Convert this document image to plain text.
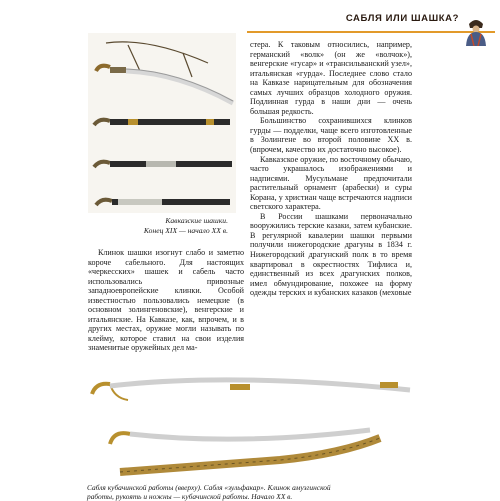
САБЛЯ ИЛИ ШАШКА?
Кавказские шашки.
Конец XIX — начало XX в.

стера. К таковым относились, например, германский «волк» (он же «волчок»), венгерские «гусар» и «трансильванский узел», итальянская «гурда». Последнее слово стало на Кавказе нарицательным для обозначения самых лучших образцов холодного оружия. Подлинная гурда в наши дни — очень большая редкость.

Большинство сохранившихся клинков гурды — подделки, чаще всего изготовленные в Золингене во второй половине XX в. (впрочем, качество их достаточно высокое).

Кавказское оружие, по восточному обычаю, часто украшалось изображениями и надписями. Мусульмане предпочитали растительный орнамент (арабески) и суры Корана, у христиан чаще встречаются надписи светского характера.

В России шашками первоначально вооружились терские казаки, затем кубанские. В регулярной кавалерии шашки первыми получили нижегородские драгуны в 1834 г. Нижегородский драгунский полк в то время квартировал в окрестностях Тифлиса и, единственный из всех драгунских полков, имел обмундирование, похожее на форму одежды терских и кубанских казаков (меховые

Клинок шашки изогнут слабо и заметно короче сабельного. Для настоящих «черкесских» шашек и сабель часто использовались привозные западноевропейские клинки. Особой известностью пользовались немецкие (в основном золингеновские), венгерские и итальянские. На Кавказе, как, впрочем, и в других местах, оружие могли называть по клейму, которое ставил на свои изделия знаменитые оружейных дел ма-

Сабля кубачинской работы (вверху). Сабля «зульфакар». Клинок амузгинской
работы, рукоять и ножны — кубачинской работы. Начало XX в.
